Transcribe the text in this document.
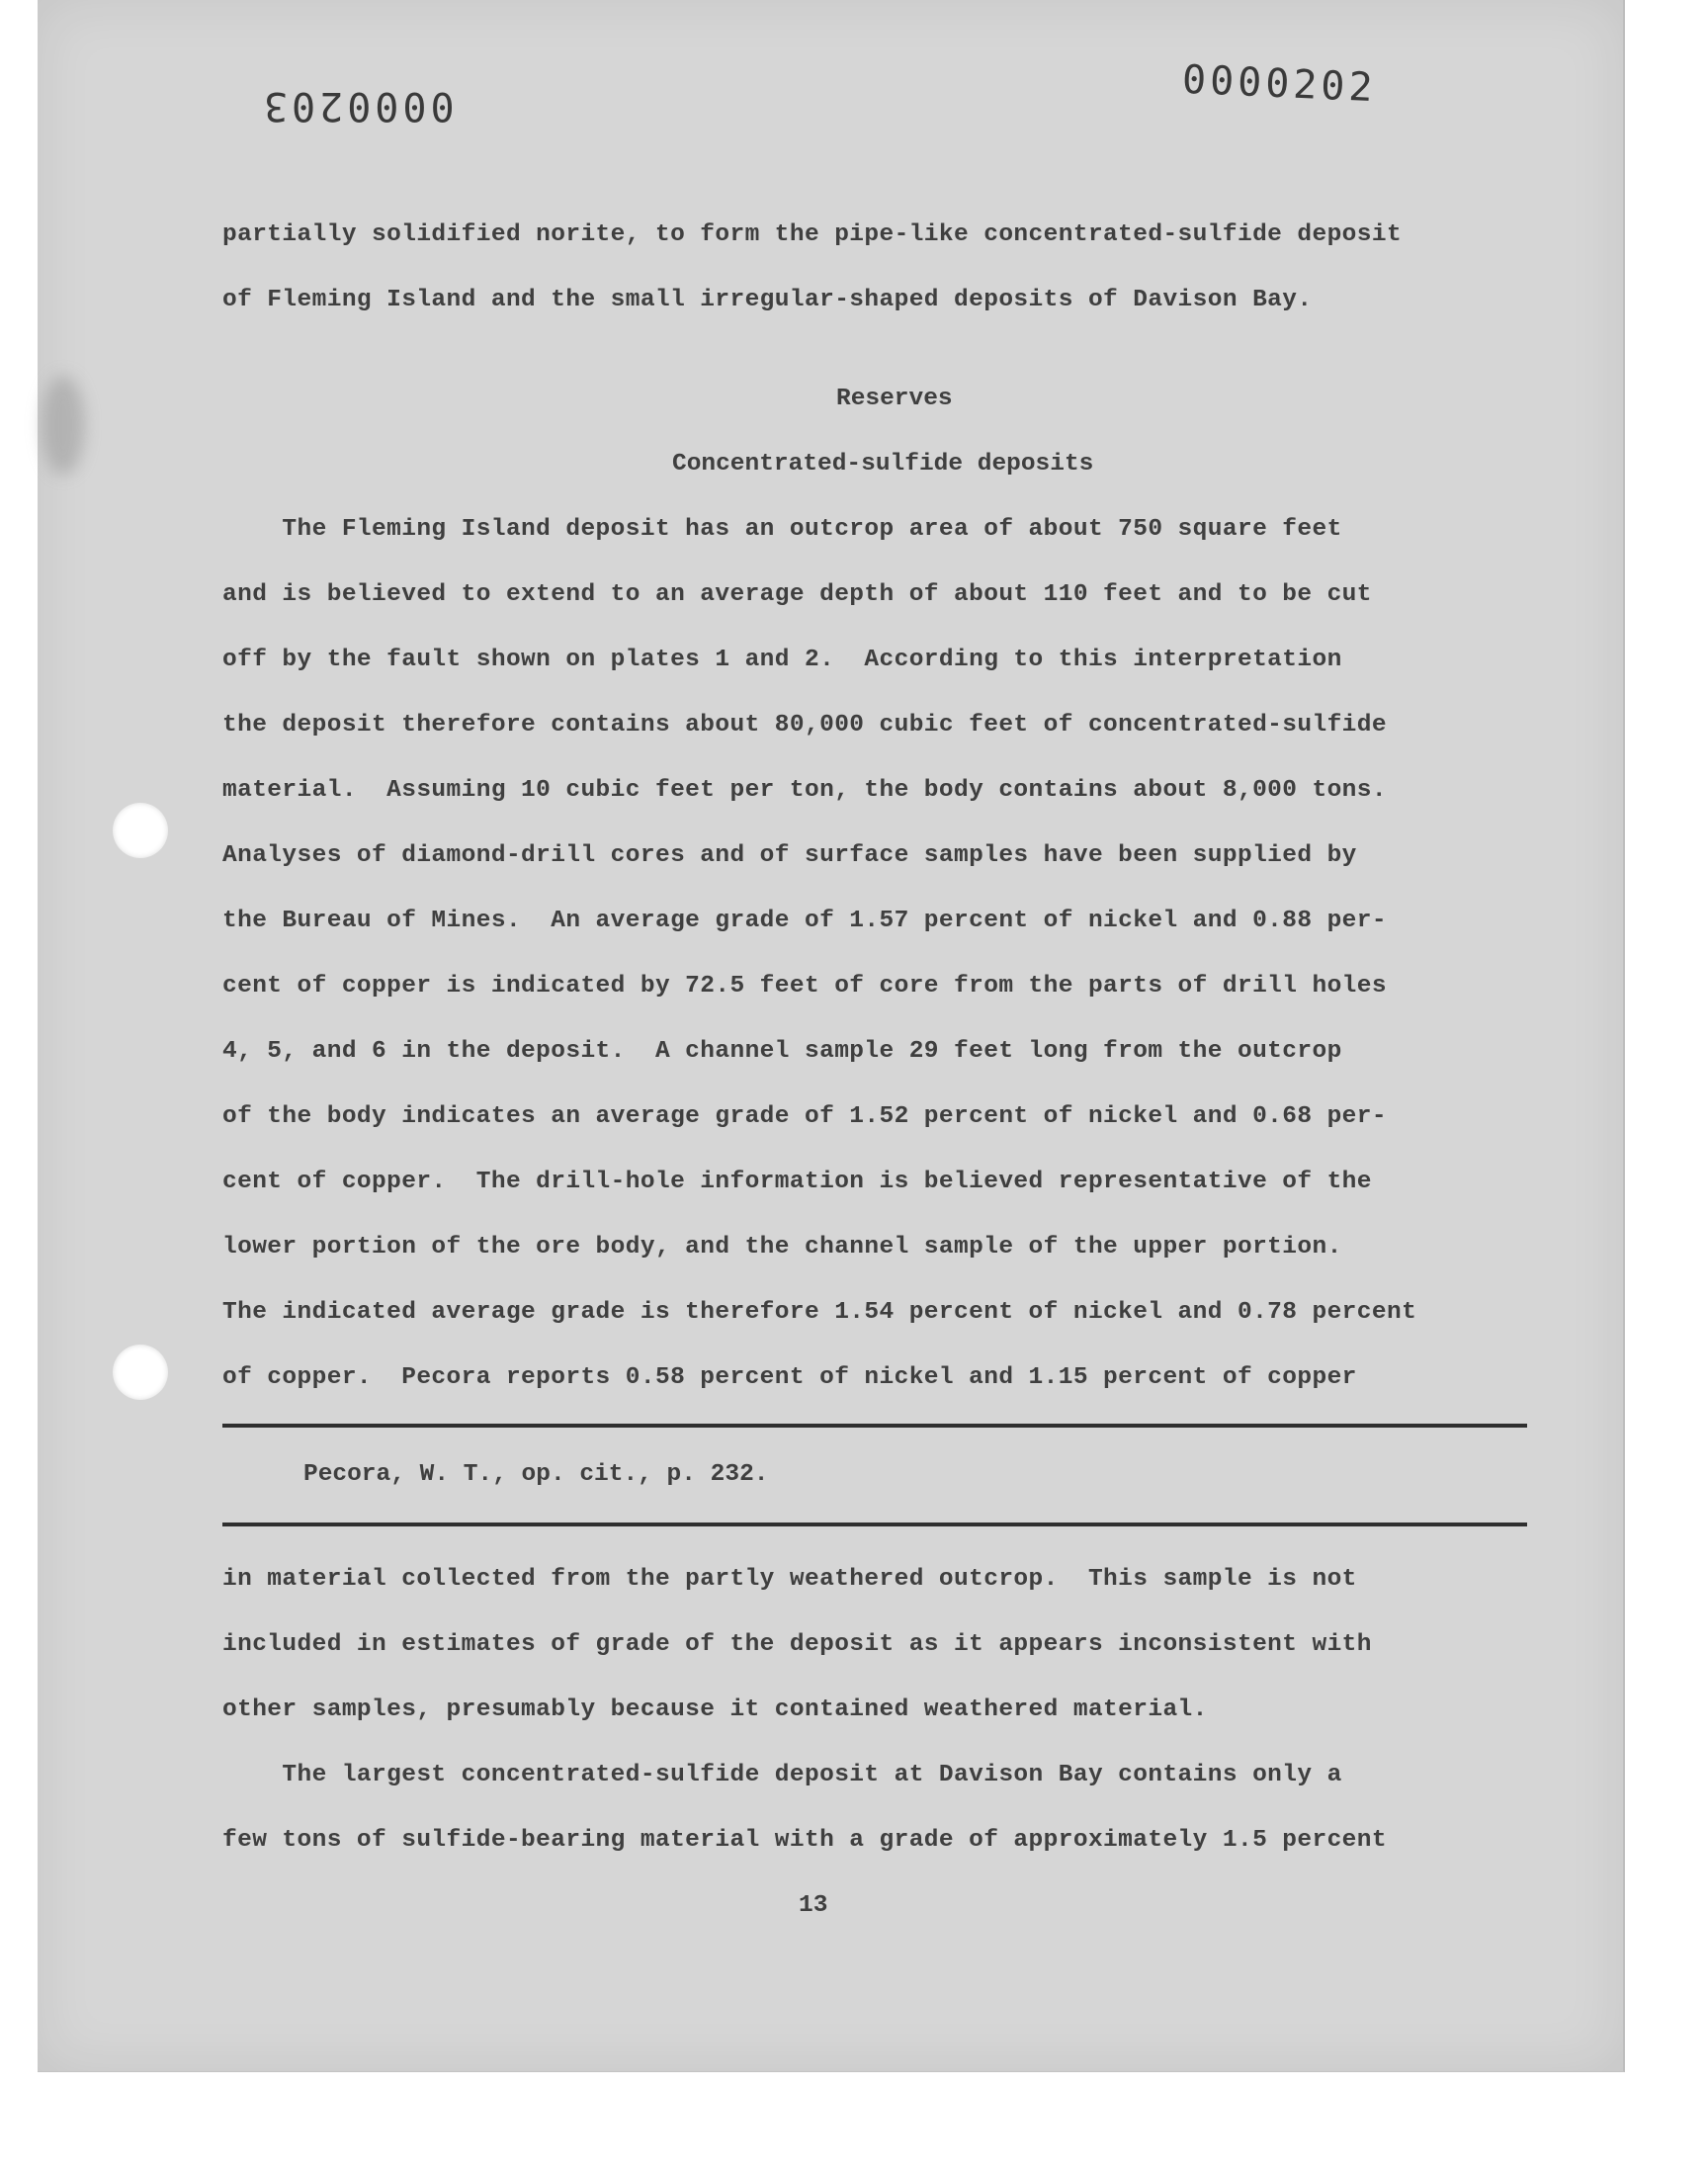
0000203	0000202
partially solidified norite, to form the pipe-like concentrated-sulfide deposit
of Fleming Island and the small irregular-shaped deposits of Davison Bay.
Reserves
Concentrated-sulfide deposits
The Fleming Island deposit has an outcrop area of about 750 square feet
and is believed to extend to an average depth of about 110 feet and to be cut
off by the fault shown on plates 1 and 2.  According to this interpretation
the deposit therefore contains about 80,000 cubic feet of concentrated-sulfide
material.  Assuming 10 cubic feet per ton, the body contains about 8,000 tons.
Analyses of diamond-drill cores and of surface samples have been supplied by
the Bureau of Mines.  An average grade of 1.57 percent of nickel and 0.88 per-
cent of copper is indicated by 72.5 feet of core from the parts of drill holes
4, 5, and 6 in the deposit.  A channel sample 29 feet long from the outcrop
of the body indicates an average grade of 1.52 percent of nickel and 0.68 per-
cent of copper.  The drill-hole information is believed representative of the
lower portion of the ore body, and the channel sample of the upper portion.
The indicated average grade is therefore 1.54 percent of nickel and 0.78 percent
of copper.  Pecora reports 0.58 percent of nickel and 1.15 percent of copper
Pecora, W. T., op. cit., p. 232.
in material collected from the partly weathered outcrop.  This sample is not
included in estimates of grade of the deposit as it appears inconsistent with
other samples, presumably because it contained weathered material.
The largest concentrated-sulfide deposit at Davison Bay contains only a
few tons of sulfide-bearing material with a grade of approximately 1.5 percent
13
